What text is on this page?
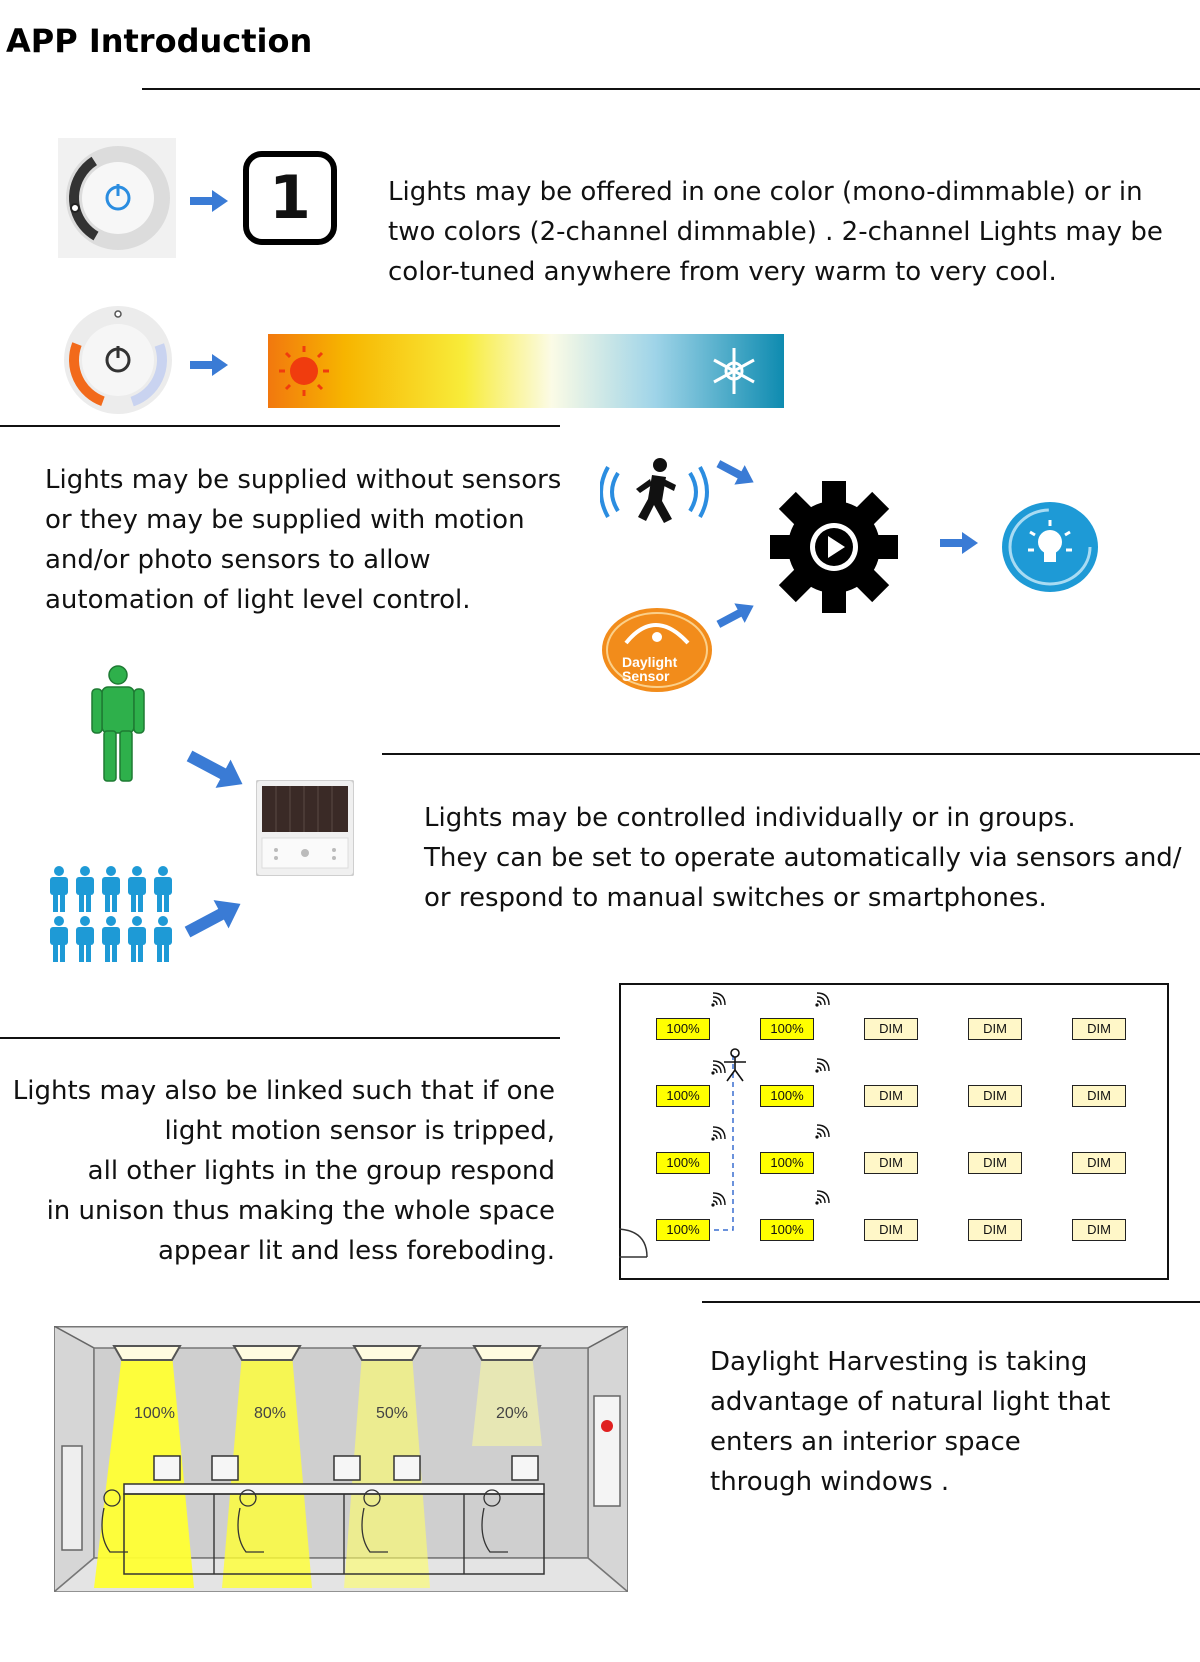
APP Introduction
1	Lights may be offered in one color (mono-dimmable) or in
two colors (2-channel dimmable) . 2-channel Lights may be
color-tuned anywhere from very warm to very cool.
Lights may be supplied without sensors
or they may be supplied with motion
and/or photo sensors to allow
automation of light level control.
Daylight
Sensor
Lights may be controlled individually or in groups.
They can be set to operate automatically via sensors and/
or respond to manual switches or smartphones.
Lights may also be linked such that if one
light motion sensor is tripped,
all other lights in the group respond
in unison thus making the whole space
appear lit and less foreboding.
100%	100%	DIM	DIM	DIM
100%	100%	DIM	DIM	DIM
100%	100%	DIM	DIM	DIM
100%	100%	DIM	DIM	DIM
100%	80%	50%	20%
Daylight Harvesting is taking
advantage of natural light that
enters an interior space
through windows .
